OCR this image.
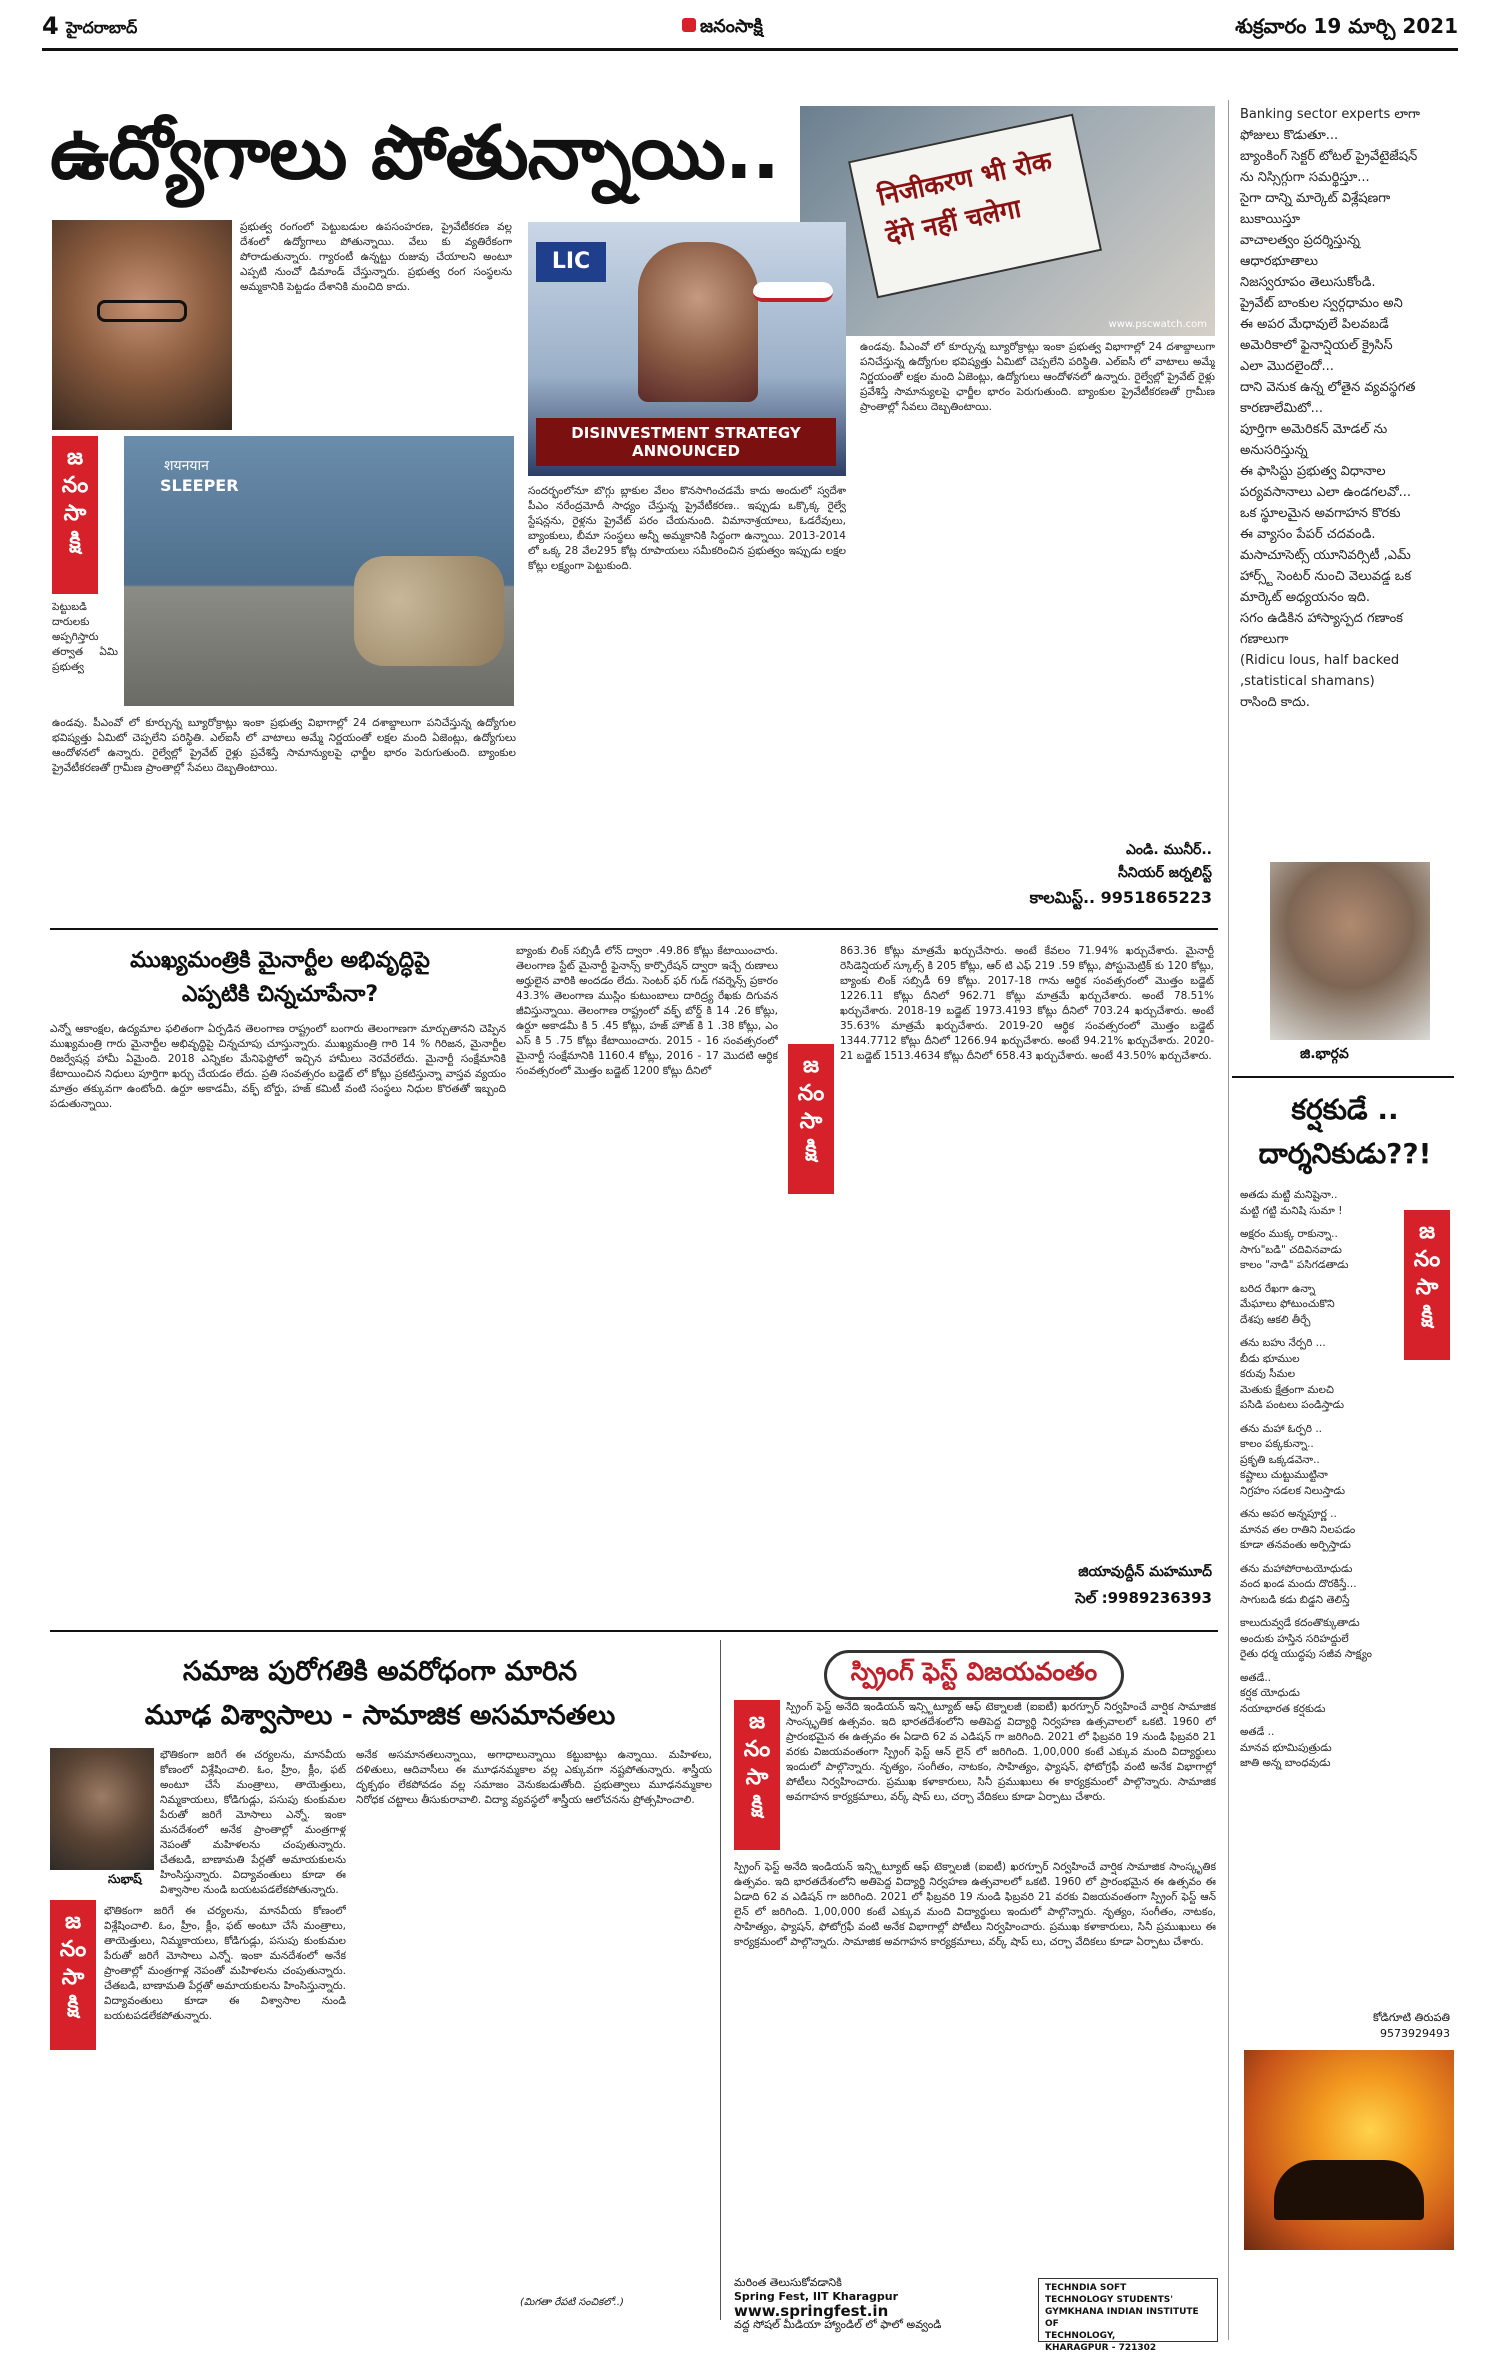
4 హైదరాబాద్	జనంసాక్షి	శుక్రవారం 19 మార్చి 2021
ఉద్యోగాలు పోతున్నాయి..	निजीकरण भी रोक देंगे नहीं चलेगा
www.pscwatch.com
ప్రభుత్వ రంగంలో పెట్టుబడుల ఉపసంహరణ, ప్రైవేటీకరణ వల్ల దేశంలో ఉద్యోగాలు పోతున్నాయి. వేలు కు వ్యతిరేకంగా పోరాడుతున్నారు. గ్యారంటీ ఉన్నట్టు రుజువు చేయాలని అంటూ ఎప్పటి నుంచో డిమాండ్ చేస్తున్నారు. ప్రభుత్వ రంగ సంస్థలను అమ్మకానికి పెట్టడం దేశానికి మంచిది కాదు.
జ
నం
సా
క్షి
పెట్టుబడి దారులకు అప్పగిస్తారు తర్వాత ఏమి ప్రభుత్వ
शयनयान
SLEEPER
LIC
DISINVESTMENT STRATEGY ANNOUNCED
సందర్భంలోనూ బొగ్గు బ్లాకుల వేలం కొనసాగించడమే కాదు అందులో స్వదేశా పీఎం నరేంద్రమోదీ సాధ్యం చేస్తున్న ప్రైవేటీకరణ.. ఇప్పుడు ఒక్కొక్క రైల్వే స్టేషన్లను, రైళ్లను ప్రైవేట్ పరం చేయనుంది. విమానాశ్రయాలు, ఓడరేవులు, బ్యాంకులు, బీమా సంస్థలు అన్నీ అమ్మకానికి సిద్ధంగా ఉన్నాయి. 2013-2014 లో ఒక్క 28 వేల295 కోట్ల రూపాయలు సమీకరించిన ప్రభుత్వం ఇప్పుడు లక్షల కోట్లు లక్ష్యంగా పెట్టుకుంది.
ఉండవు. పీఎంవో లో కూర్చున్న బ్యూరోక్రాట్లు ఇంకా ప్రభుత్వ విభాగాల్లో 24 దశాబ్దాలుగా పనిచేస్తున్న ఉద్యోగుల భవిష్యత్తు ఏమిటో చెప్పలేని పరిస్థితి. ఎల్ఐసీ లో వాటాలు అమ్మే నిర్ణయంతో లక్షల మంది ఏజెంట్లు, ఉద్యోగులు ఆందోళనలో ఉన్నారు. రైల్వేల్లో ప్రైవేట్ రైళ్లు ప్రవేశిస్తే సామాన్యులపై ఛార్జీల భారం పెరుగుతుంది. బ్యాంకుల ప్రైవేటీకరణతో గ్రామీణ ప్రాంతాల్లో సేవలు దెబ్బతింటాయి.
ఉండవు. పీఎంవో లో కూర్చున్న బ్యూరోక్రాట్లు ఇంకా ప్రభుత్వ విభాగాల్లో 24 దశాబ్దాలుగా పనిచేస్తున్న ఉద్యోగుల భవిష్యత్తు ఏమిటో చెప్పలేని పరిస్థితి. ఎల్ఐసీ లో వాటాలు అమ్మే నిర్ణయంతో లక్షల మంది ఏజెంట్లు, ఉద్యోగులు ఆందోళనలో ఉన్నారు. రైల్వేల్లో ప్రైవేట్ రైళ్లు ప్రవేశిస్తే సామాన్యులపై ఛార్జీల భారం పెరుగుతుంది. బ్యాంకుల ప్రైవేటీకరణతో గ్రామీణ ప్రాంతాల్లో సేవలు దెబ్బతింటాయి.
ఎండి. మునీర్..
సీనియర్ జర్నలిస్ట్
కాలమిస్ట్.. 9951865223
ముఖ్యమంత్రికి మైనార్టీల అభివృద్ధిపై
ఎప్పటికి చిన్నచూపేనా?
ఎన్నో ఆకాంక్షల, ఉద్యమాల ఫలితంగా ఏర్పడిన తెలంగాణ రాష్ట్రంలో బంగారు తెలంగాణగా మార్చుతానని చెప్పిన ముఖ్యమంత్రి గారు మైనార్టీల అభివృద్ధిపై చిన్నచూపు చూస్తున్నారు. ముఖ్యమంత్రి గారి 14 % గిరిజన, మైనార్టీల రిజర్వేషన్ల హామీ ఏమైంది. 2018 ఎన్నికల మేనిఫెస్టోలో ఇచ్చిన హామీలు నెరవేరలేదు. మైనార్టీ సంక్షేమానికి కేటాయించిన నిధులు పూర్తిగా ఖర్చు చేయడం లేదు. ప్రతి సంవత్సరం బడ్జెట్ లో కోట్లు ప్రకటిస్తున్నా వాస్తవ వ్యయం మాత్రం తక్కువగా ఉంటోంది. ఉర్దూ అకాడమీ, వక్ఫ్ బోర్డు, హజ్ కమిటీ వంటి సంస్థలు నిధుల కొరతతో ఇబ్బంది పడుతున్నాయి.
బ్యాంకు లింక్ సబ్సిడీ లోన్ ద్వారా .49.86 కోట్లు కేటాయించారు. తెలంగాణ స్టేట్ మైనార్టీ ఫైనాన్స్ కార్పొరేషన్ ద్వారా ఇచ్చే రుణాలు అర్హులైన వారికి అందడం లేదు. సెంటర్ ఫర్ గుడ్ గవర్నెన్స్ ప్రకారం 43.3% తెలంగాణ ముస్లిం కుటుంబాలు దారిద్ర్య రేఖకు దిగువన జీవిస్తున్నాయి. తెలంగాణ రాష్ట్రంలో వక్ఫ్ బోర్డ్ కి 14 .26 కోట్లు, ఉర్దూ అకాడమీ కి 5 .45 కోట్లు, హజ్ హౌజ్ కి 1 .38 కోట్లు, ఎం ఎస్ కి 5 .75 కోట్లు కేటాయించారు. 2015 - 16 సంవత్సరంలో మైనార్టీ సంక్షేమానికి 1160.4 కోట్లు, 2016 - 17 మొదటి ఆర్థిక సంవత్సరంలో మొత్తం బడ్జెట్ 1200 కోట్లు దీనిలో	జ
నం
సా
క్షి
863.36 కోట్లు మాత్రమే ఖర్చుచేసారు. అంటే కేవలం 71.94% ఖర్చుచేశారు. మైనార్టీ రెసిడెన్షియల్ స్కూల్స్ కి 205 కోట్లు, ఆర్ టి ఎఫ్ 219 .59 కోట్లు, పోస్టుమెట్రిక్ కు 120 కోట్లు, బ్యాంకు లింక్ సబ్సిడీ 69 కోట్లు. 2017-18 గాను ఆర్థిక సంవత్సరంలో మొత్తం బడ్జెట్ 1226.11 కోట్లు దీనిలో 962.71 కోట్లు మాత్రమే ఖర్చుచేశారు. అంటే 78.51% ఖర్చుచేశారు. 2018-19 బడ్జెట్ 1973.4193 కోట్లు దీనిలో 703.24 ఖర్చుచేశారు. అంటే 35.63% మాత్రమే ఖర్చుచేశారు. 2019-20 ఆర్థిక సంవత్సరంలో మొత్తం బడ్జెట్ 1344.7712 కోట్లు దీనిలో 1266.94 ఖర్చుచేశారు. అంటే 94.21% ఖర్చుచేశారు. 2020-21 బడ్జెట్ 1513.4634 కోట్లు దీనిలో 658.43 ఖర్చుచేశారు. అంటే 43.50% ఖర్చుచేశారు.
జియావుద్దీన్ మహమూద్
సెల్ :9989236393
సమాజ పురోగతికి అవరోధంగా మారిన
మూఢ విశ్వాసాలు - సామాజిక అసమానతలు
సుభాష్
జ
నం
సా
క్షి
భౌతికంగా జరిగే ఈ చర్యలను, మానవీయ కోణంలో విశ్లేషించాలి. ఓం, హ్రీం, క్లీం, ఫట్ అంటూ చేసే మంత్రాలు, తాయెత్తులు, నిమ్మకాయలు, కోడిగుడ్లు, పసుపు కుంకుమల పేరుతో జరిగే మోసాలు ఎన్నో. ఇంకా మనదేశంలో అనేక ప్రాంతాల్లో మంత్రగాళ్ల నెపంతో మహిళలను చంపుతున్నారు. చేతబడి, బాణామతి పేర్లతో అమాయకులను హింసిస్తున్నారు. విద్యావంతులు కూడా ఈ విశ్వాసాల నుండి బయటపడలేకపోతున్నారు.
భౌతికంగా జరిగే ఈ చర్యలను, మానవీయ కోణంలో విశ్లేషించాలి. ఓం, హ్రీం, క్లీం, ఫట్ అంటూ చేసే మంత్రాలు, తాయెత్తులు, నిమ్మకాయలు, కోడిగుడ్లు, పసుపు కుంకుమల పేరుతో జరిగే మోసాలు ఎన్నో. ఇంకా మనదేశంలో అనేక ప్రాంతాల్లో మంత్రగాళ్ల నెపంతో మహిళలను చంపుతున్నారు. చేతబడి, బాణామతి పేర్లతో అమాయకులను హింసిస్తున్నారు. విద్యావంతులు కూడా ఈ విశ్వాసాల నుండి బయటపడలేకపోతున్నారు.
అనేక అసమానతలున్నాయి, అగాధాలున్నాయి కట్టుబాట్లు ఉన్నాయి. మహిళలు, దళితులు, ఆదివాసీలు ఈ మూఢనమ్మకాల వల్ల ఎక్కువగా నష్టపోతున్నారు. శాస్త్రీయ దృక్పథం లేకపోవడం వల్ల సమాజం వెనుకబడుతోంది. ప్రభుత్వాలు మూఢనమ్మకాల నిరోధక చట్టాలు తీసుకురావాలి. విద్యా వ్యవస్థలో శాస్త్రీయ ఆలోచనను ప్రోత్సహించాలి.
(మిగతా రేపటి సంచికలో..)
స్ప్రింగ్ ఫెస్ట్ విజయవంతం
జ
నం
సా
క్షి
స్ప్రింగ్ ఫెస్ట్ అనేది ఇండియన్ ఇన్స్టిట్యూట్ ఆఫ్ టెక్నాలజీ (ఐఐటీ) ఖరగ్పూర్ నిర్వహించే వార్షిక సామాజిక సాంస్కృతిక ఉత్సవం. ఇది భారతదేశంలోని అతిపెద్ద విద్యార్థి నిర్వహణ ఉత్సవాలలో ఒకటి. 1960 లో ప్రారంభమైన ఈ ఉత్సవం ఈ ఏడాది 62 వ ఎడిషన్ గా జరిగింది. 2021 లో ఫిబ్రవరి 19 నుండి ఫిబ్రవరి 21 వరకు విజయవంతంగా స్ప్రింగ్ ఫెస్ట్ ఆన్ లైన్ లో జరిగింది. 1,00,000 కంటే ఎక్కువ మంది విద్యార్థులు ఇందులో పాల్గొన్నారు. నృత్యం, సంగీతం, నాటకం, సాహిత్యం, ఫ్యాషన్, ఫోటోగ్రఫీ వంటి అనేక విభాగాల్లో పోటీలు నిర్వహించారు. ప్రముఖ కళాకారులు, సినీ ప్రముఖులు ఈ కార్యక్రమంలో పాల్గొన్నారు. సామాజిక అవగాహన కార్యక్రమాలు, వర్క్ షాప్ లు, చర్చా వేదికలు కూడా ఏర్పాటు చేశారు.
స్ప్రింగ్ ఫెస్ట్ అనేది ఇండియన్ ఇన్స్టిట్యూట్ ఆఫ్ టెక్నాలజీ (ఐఐటీ) ఖరగ్పూర్ నిర్వహించే వార్షిక సామాజిక సాంస్కృతిక ఉత్సవం. ఇది భారతదేశంలోని అతిపెద్ద విద్యార్థి నిర్వహణ ఉత్సవాలలో ఒకటి. 1960 లో ప్రారంభమైన ఈ ఉత్సవం ఈ ఏడాది 62 వ ఎడిషన్ గా జరిగింది. 2021 లో ఫిబ్రవరి 19 నుండి ఫిబ్రవరి 21 వరకు విజయవంతంగా స్ప్రింగ్ ఫెస్ట్ ఆన్ లైన్ లో జరిగింది. 1,00,000 కంటే ఎక్కువ మంది విద్యార్థులు ఇందులో పాల్గొన్నారు. నృత్యం, సంగీతం, నాటకం, సాహిత్యం, ఫ్యాషన్, ఫోటోగ్రఫీ వంటి అనేక విభాగాల్లో పోటీలు నిర్వహించారు. ప్రముఖ కళాకారులు, సినీ ప్రముఖులు ఈ కార్యక్రమంలో పాల్గొన్నారు. సామాజిక అవగాహన కార్యక్రమాలు, వర్క్ షాప్ లు, చర్చా వేదికలు కూడా ఏర్పాటు చేశారు.
మరింత తెలుసుకోవడానికి
Spring Fest, IIT Kharagpur
www.springfest.in
వద్ద సోషల్ మీడియా హ్యాండిల్ లో ఫాలో అవ్వండి
TECHNDIA SOFT
TECHNOLOGY STUDENTS'
GYMKHANA INDIAN INSTITUTE OF
TECHNOLOGY,
KHARAGPUR - 721302
Banking sector experts లాగా
ఫోజులు కొడుతూ...
బ్యాంకింగ్ సెక్టర్ టోటల్ ప్రైవేటైజేషన్
ను నిస్సిగ్గుగా సమర్థిస్తూ...
సైగా దాన్ని మార్కెట్ విశ్లేషణగా
బుకాయిస్తూ
వాచాలత్వం ప్రదర్శిస్తున్న
ఆధారభూతాలు
నిజస్వరూపం తెలుసుకోండి.
ప్రైవేట్ బాంకుల స్వర్గధామం అని
ఈ అపర మేధావులే పిలవబడే
అమెరికాలో ఫైనాన్షియల్ క్రైసిస్
ఎలా మొదలైందో...
దాని వెనుక ఉన్న లోతైన వ్యవస్థగత
కారణాలేమిటో...
పూర్తిగా అమెరికన్ మోడల్ ను
అనుసరిస్తున్న
ఈ ఫాసిస్టు ప్రభుత్వ విధానాల
పర్యవసానాలు ఎలా ఉండగలవో...
ఒక స్థూలమైన అవగాహన కొరకు
ఈ వ్యాసం పేపర్ చదవండి.
మసాచూసెట్స్ యూనివర్సిటీ ,ఎమ్
హార్స్ట్ సెంటర్ నుంచి వెలువడ్డ ఒక
మార్కెట్ అధ్యయనం ఇది.
సగం ఉడికిన హాస్యాస్పద గణాంక
గణాలుగా
(Ridicu lous, half backed
,statistical shamans)
రాసింది కాదు.
జి.భార్గవ
కర్షకుడే ..
దార్శనికుడు??!
జ
నం
సా
క్షి
అతడు మట్టి మనిషైనా..
మట్టి గట్టి మనిషి సుమా !
అక్షరం ముక్క రాకున్నా..
సాగు"బడి" చదివినవాడు
కాలం "నాడి" పసిగడతాడు
బరిద రేఖగా ఉన్నా
మేఘాలు ఫోటుంచుకొని
దేశపు ఆకలి తీర్చే
తను బహు నేర్పరి ...
బీడు భూముల
కరువు సీమల
మెతుకు క్షేత్రంగా మలచి
పసిడి పంటలు పండిస్తాడు
తను మహా ఓర్పరి ..
కాలం పక్కకున్నా..
ప్రకృతి ఒక్కడవెనా..
కష్టాలు చుట్టుముట్టినా
నిగ్రహం సడలక నిలుస్తాడు
తను అపర అన్నపూర్ణ ..
మానవ తల రాతిని నిలపడం
కూడా తనవంతు అర్పిస్తాడు
తను మహాపోరాటయోధుడు
వంద ఖండ మందు దొరకిస్తే...
సాగుబడి కడు బిడ్డని తెలిస్తే
కాలుదువ్వడే కదంతొక్కుతాడు
అందుకు హస్తిన సరిహద్దులే
రైతు ధర్మ యుద్ధపు సజీవ సాక్ష్యం
అతడే..
కర్షక యోధుడు
నయాభారత కర్షకుడు
అతడే ..
మానవ భూమిపుత్రుడు
జాతి అన్న బాంధవుడు
కోడిగూటి తిరుపతి
9573929493
